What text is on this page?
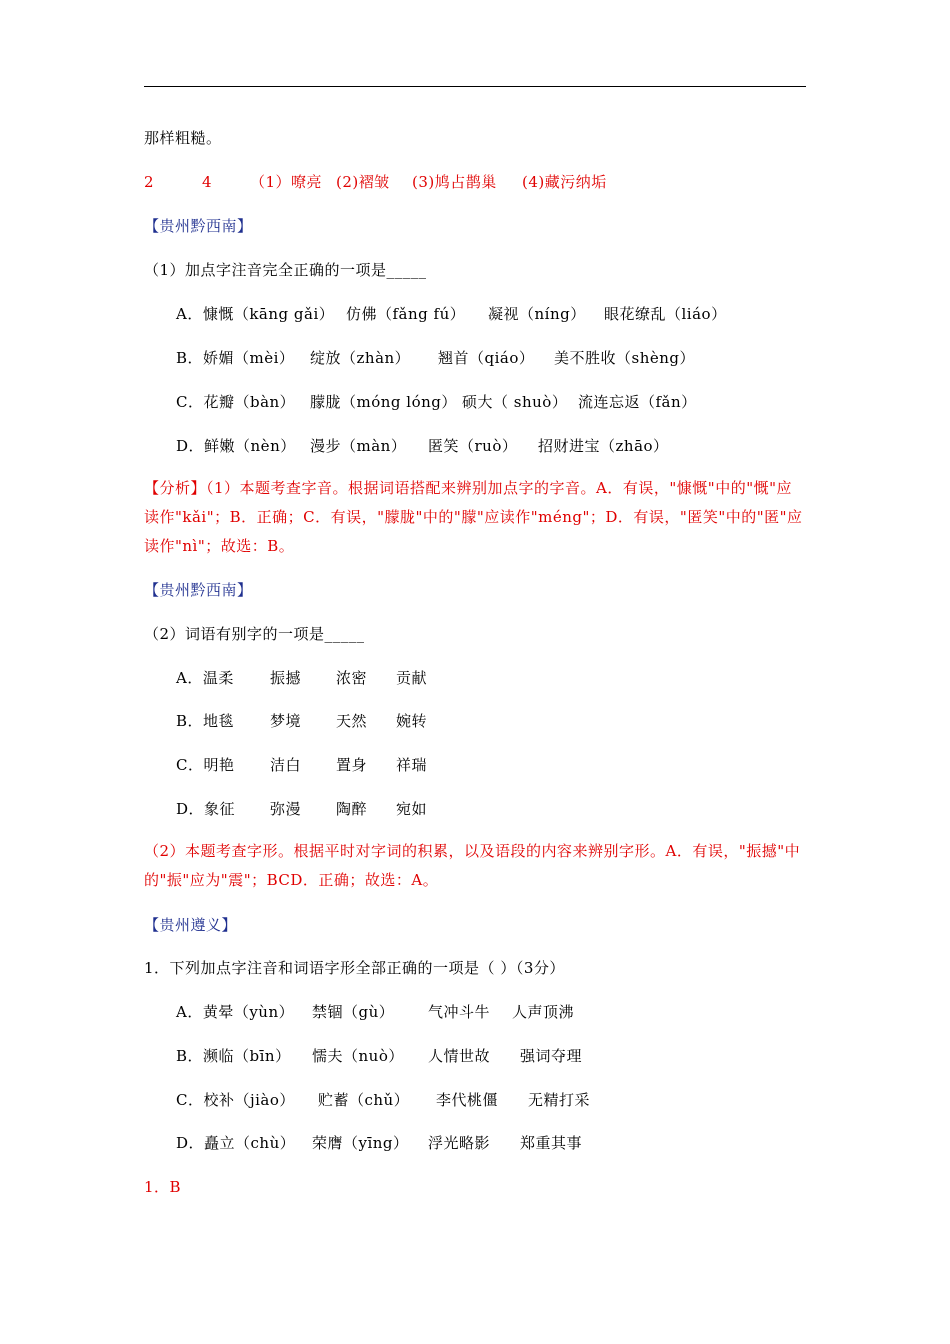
那样粗糙。
2	4	（1）嘹亮 (2)褶皱 (3)鸠占鹊巢 (4)藏污纳垢
【贵州黔西南】
（1）加点字注音完全正确的一项是_____
A．慷慨（kāng gǎi） 仿佛（fǎng fú） 凝视（níng） 眼花缭乱（liáo）
B．娇媚（mèi） 绽放（zhàn） 翘首（qiáo） 美不胜收（shèng）
C．花瓣（bàn） 朦胧（móng lóng） 硕大（ shuò） 流连忘返（fǎn）
D．鲜嫩（nèn） 漫步（màn） 匿笑（ruò） 招财进宝（zhāo）
【分析】（1）本题考查字音。根据词语搭配来辨别加点字的字音。A．有误，"慷慨"中的"慨"应读作"kǎi"；B．正确；C．有误，"朦胧"中的"朦"应读作"méng"；D．有误，"匿笑"中的"匿"应读作"nì"；故选：B。
【贵州黔西南】
（2）词语有别字的一项是_____
A．温柔 振撼 浓密 贡献
B．地毯 梦境 天然 婉转
C．明艳 洁白 置身 祥瑞
D．象征 弥漫 陶醉 宛如
（2）本题考查字形。根据平时对字词的积累，以及语段的内容来辨别字形。A．有误，"振撼"中的"振"应为"震"；BCD．正确；故选：A。
【贵州遵义】
1．下列加点字注音和词语字形全部正确的一项是（ ）（3分）
A．黄晕（yùn） 禁锢（gù） 气冲斗牛 人声顶沸
B．濒临（bīn） 懦夫（nuò） 人情世故 强词夺理
C．校补（jiào） 贮蓄（chǔ） 李代桃僵 无精打采
D．矗立（chù） 荣膺（yīng） 浮光略影 郑重其事
1．B
